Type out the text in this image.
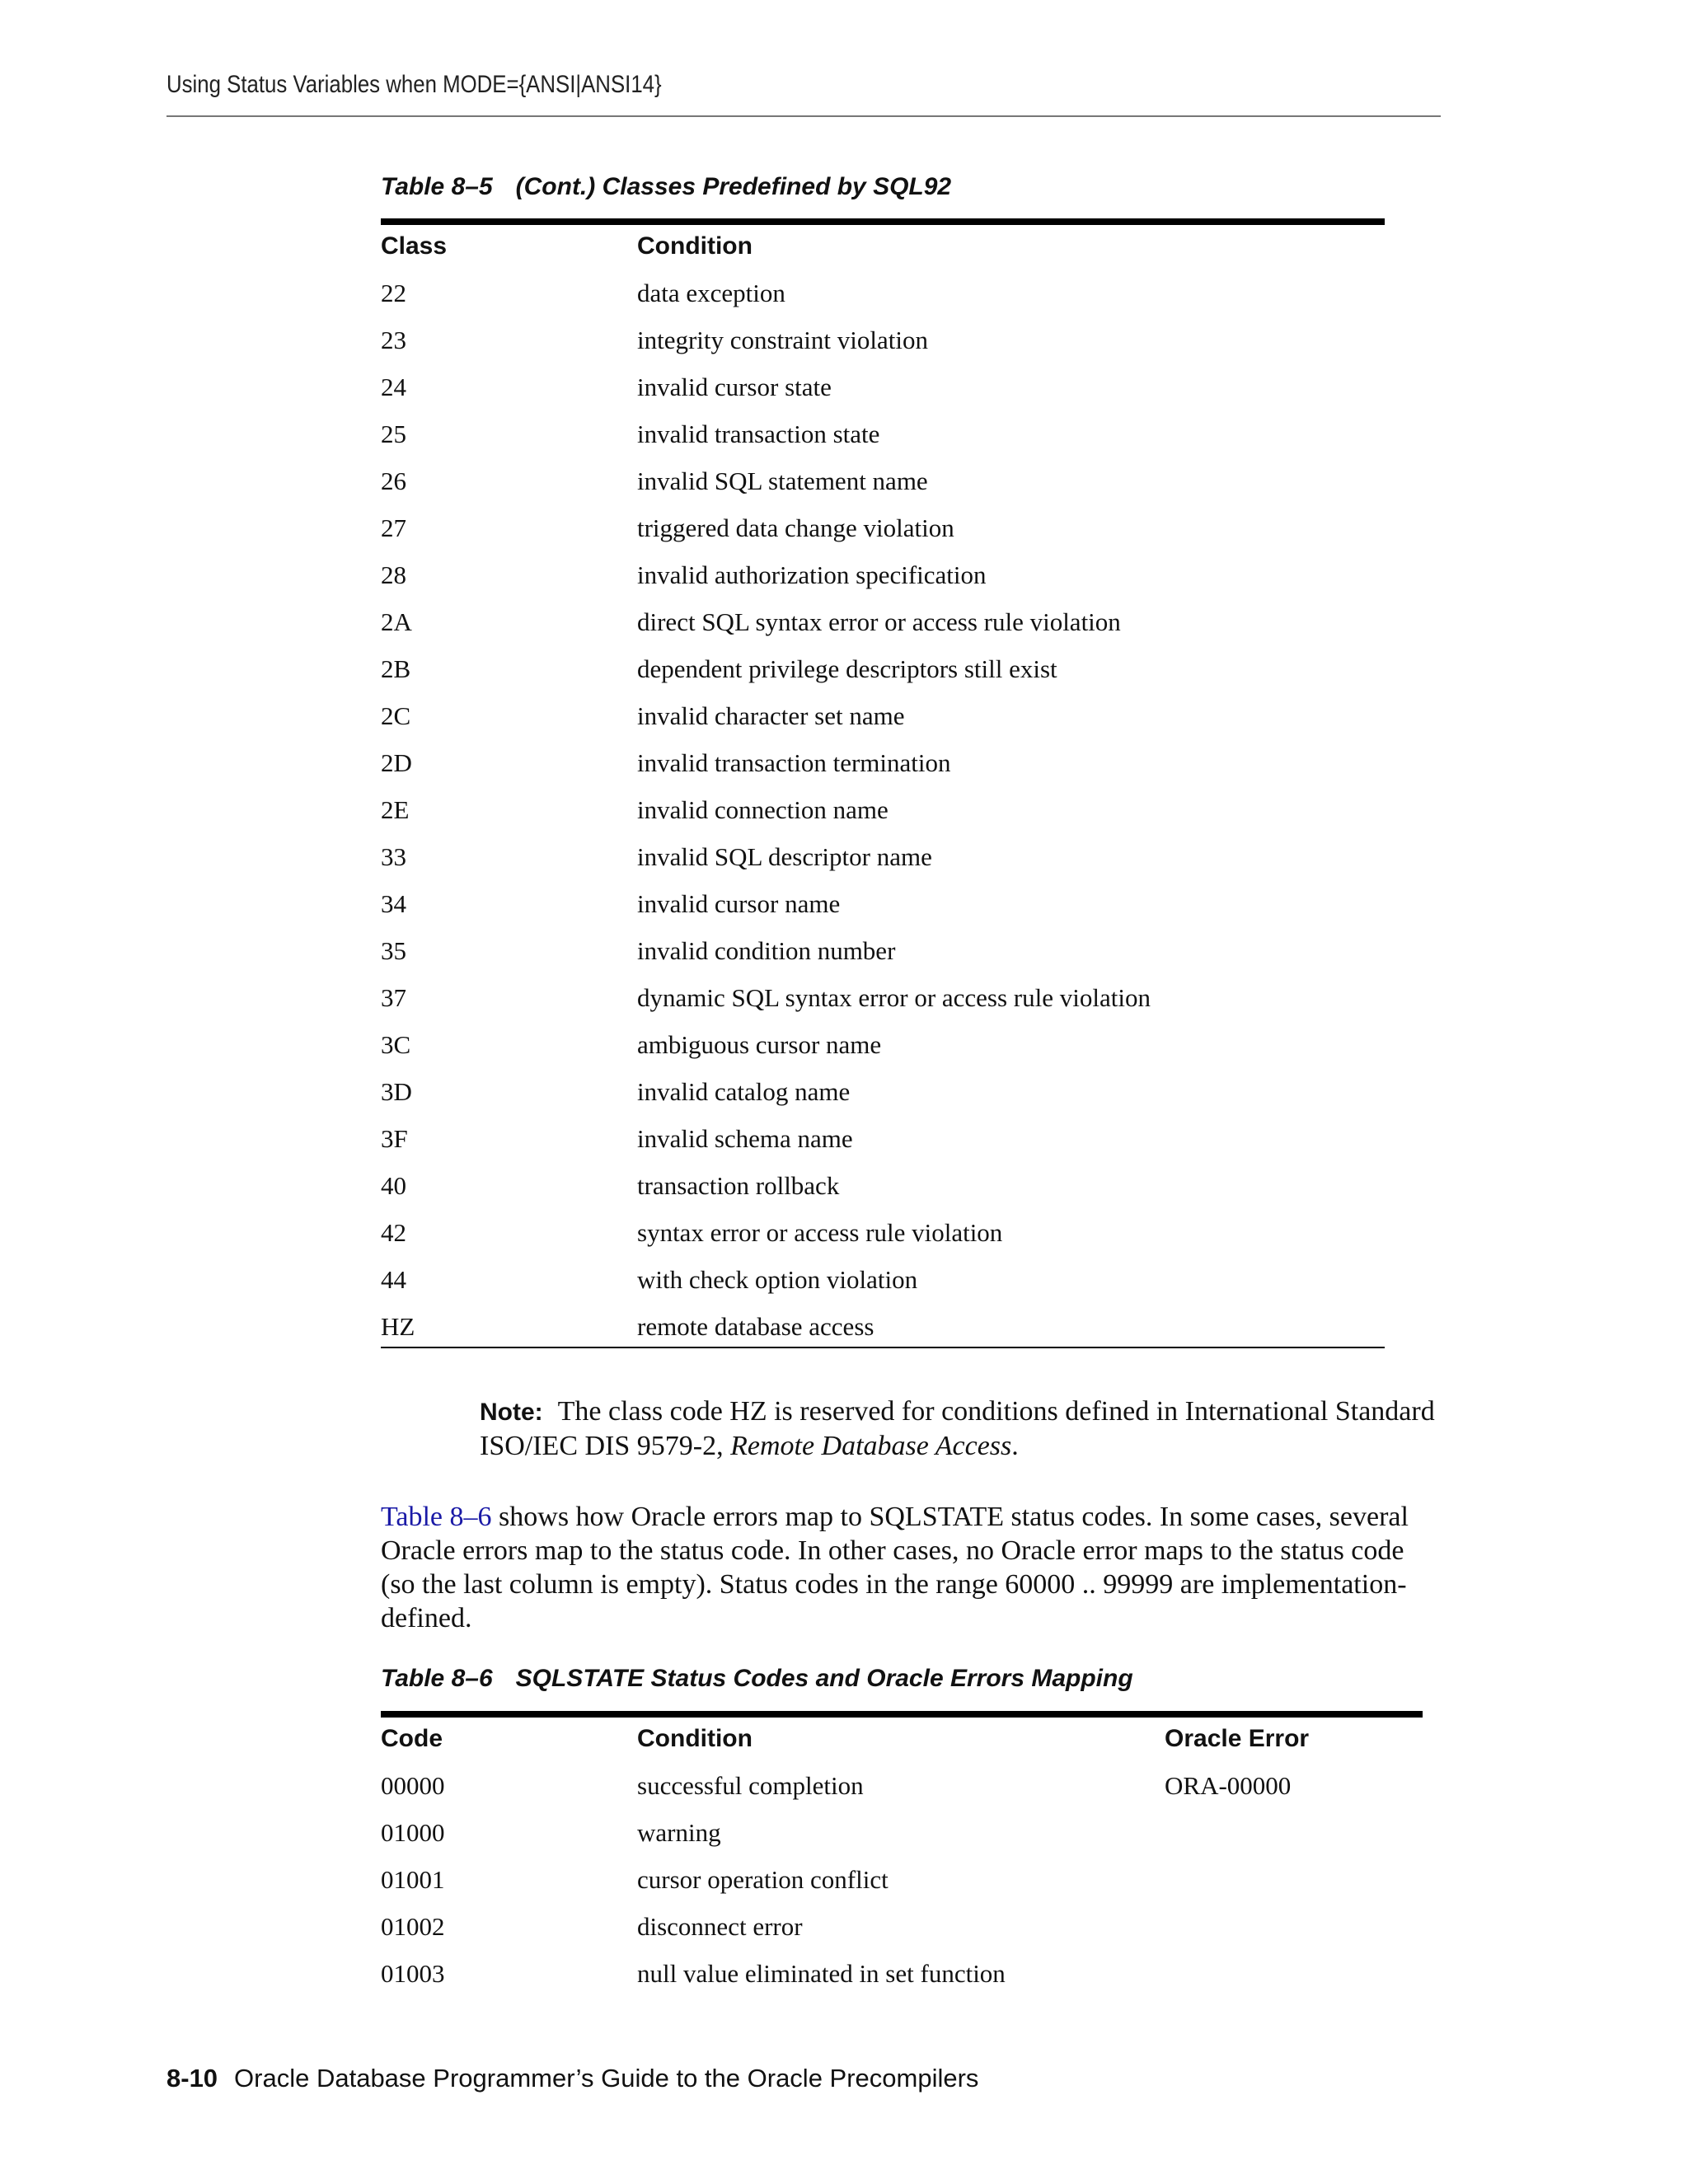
Using Status Variables when MODE={ANSI|ANSI14}
Table 8–5 (Cont.) Classes Predefined by SQL92
Class	Condition
22	data exception
23	integrity constraint violation
24	invalid cursor state
25	invalid transaction state
26	invalid SQL statement name
27	triggered data change violation
28	invalid authorization specification
2A	direct SQL syntax error or access rule violation
2B	dependent privilege descriptors still exist
2C	invalid character set name
2D	invalid transaction termination
2E	invalid connection name
33	invalid SQL descriptor name
34	invalid cursor name
35	invalid condition number
37	dynamic SQL syntax error or access rule violation
3C	ambiguous cursor name
3D	invalid catalog name
3F	invalid schema name
40	transaction rollback
42	syntax error or access rule violation
44	with check option violation
HZ	remote database access
Note: The class code HZ is reserved for conditions defined in International Standard ISO/IEC DIS 9579-2, Remote Database Access.
Table 8–6 shows how Oracle errors map to SQLSTATE status codes. In some cases, several Oracle errors map to the status code. In other cases, no Oracle error maps to the status code (so the last column is empty). Status codes in the range 60000 .. 99999 are implementation-defined.
Table 8–6 SQLSTATE Status Codes and Oracle Errors Mapping
Code	Condition	Oracle Error
00000	successful completion	ORA-00000
01000	warning
01001	cursor operation conflict
01002	disconnect error
01003	null value eliminated in set function
8-10 Oracle Database Programmer’s Guide to the Oracle Precompilers
